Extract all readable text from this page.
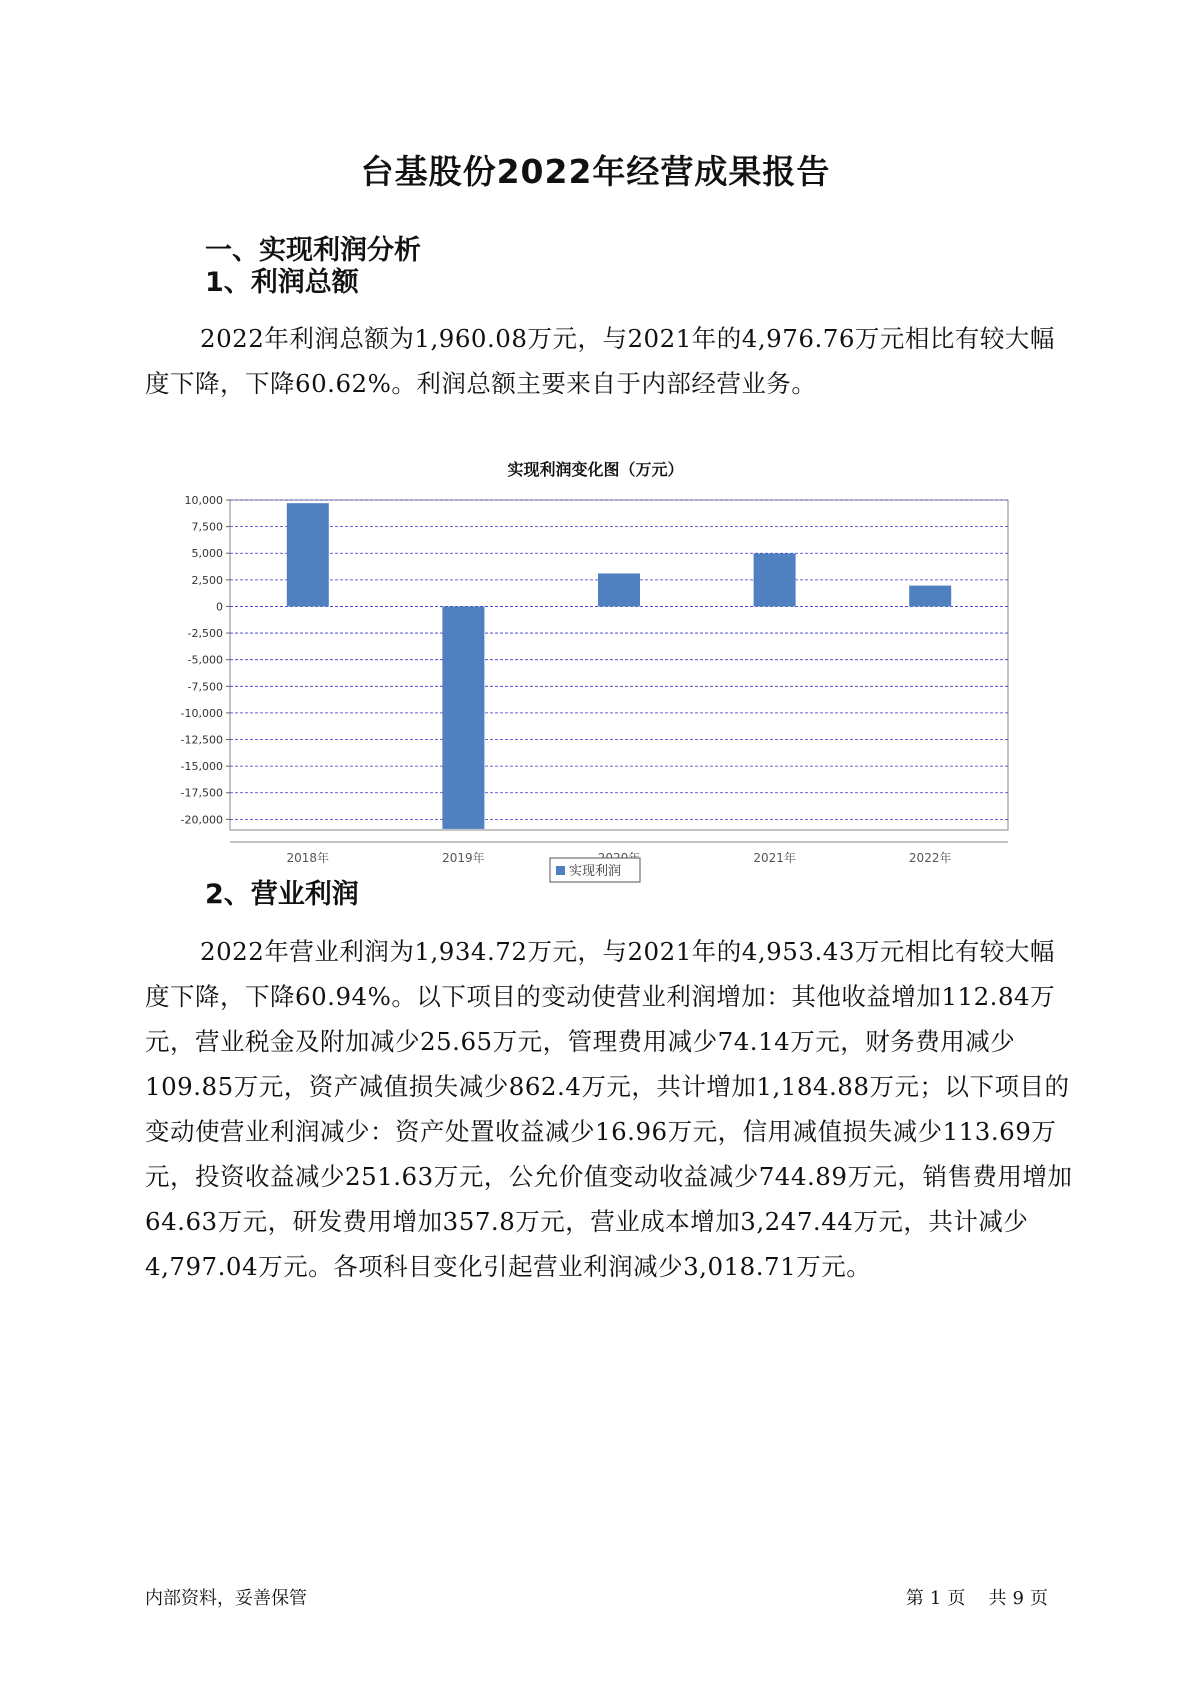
台基股份2022年经营成果报告
一、实现利润分析
1、利润总额

2022年利润总额为1,960.08万元，与2021年的4,976.76万元相比有较大幅度下降，下降60.62%。利润总额主要来自于内部经营业务。

实现利润变化图（万元）
10,000
7,500
5,000
2,500
0
-2,500
-5,000
-7,500
-10,000
-12,500
-15,000
-17,500
-20,000
2018年	2019年	2021年	2022年
实现利润
2、营业利润

2022年营业利润为1,934.72万元，与2021年的4,953.43万元相比有较大幅度下降，下降60.94%。以下项目的变动使营业利润增加：其他收益增加112.84万元，营业税金及附加减少25.65万元，管理费用减少74.14万元，财务费用减少109.85万元，资产减值损失减少862.4万元，共计增加1,184.88万元；以下项目的变动使营业利润减少：资产处置收益减少16.96万元，信用减值损失减少113.69万元，投资收益减少251.63万元，公允价值变动收益减少744.89万元，销售费用增加64.63万元，研发费用增加357.8万元，营业成本增加3,247.44万元，共计减少4,797.04万元。各项科目变化引起营业利润减少3,018.71万元。

内部资料，妥善保管	第 1 页 共 9 页
